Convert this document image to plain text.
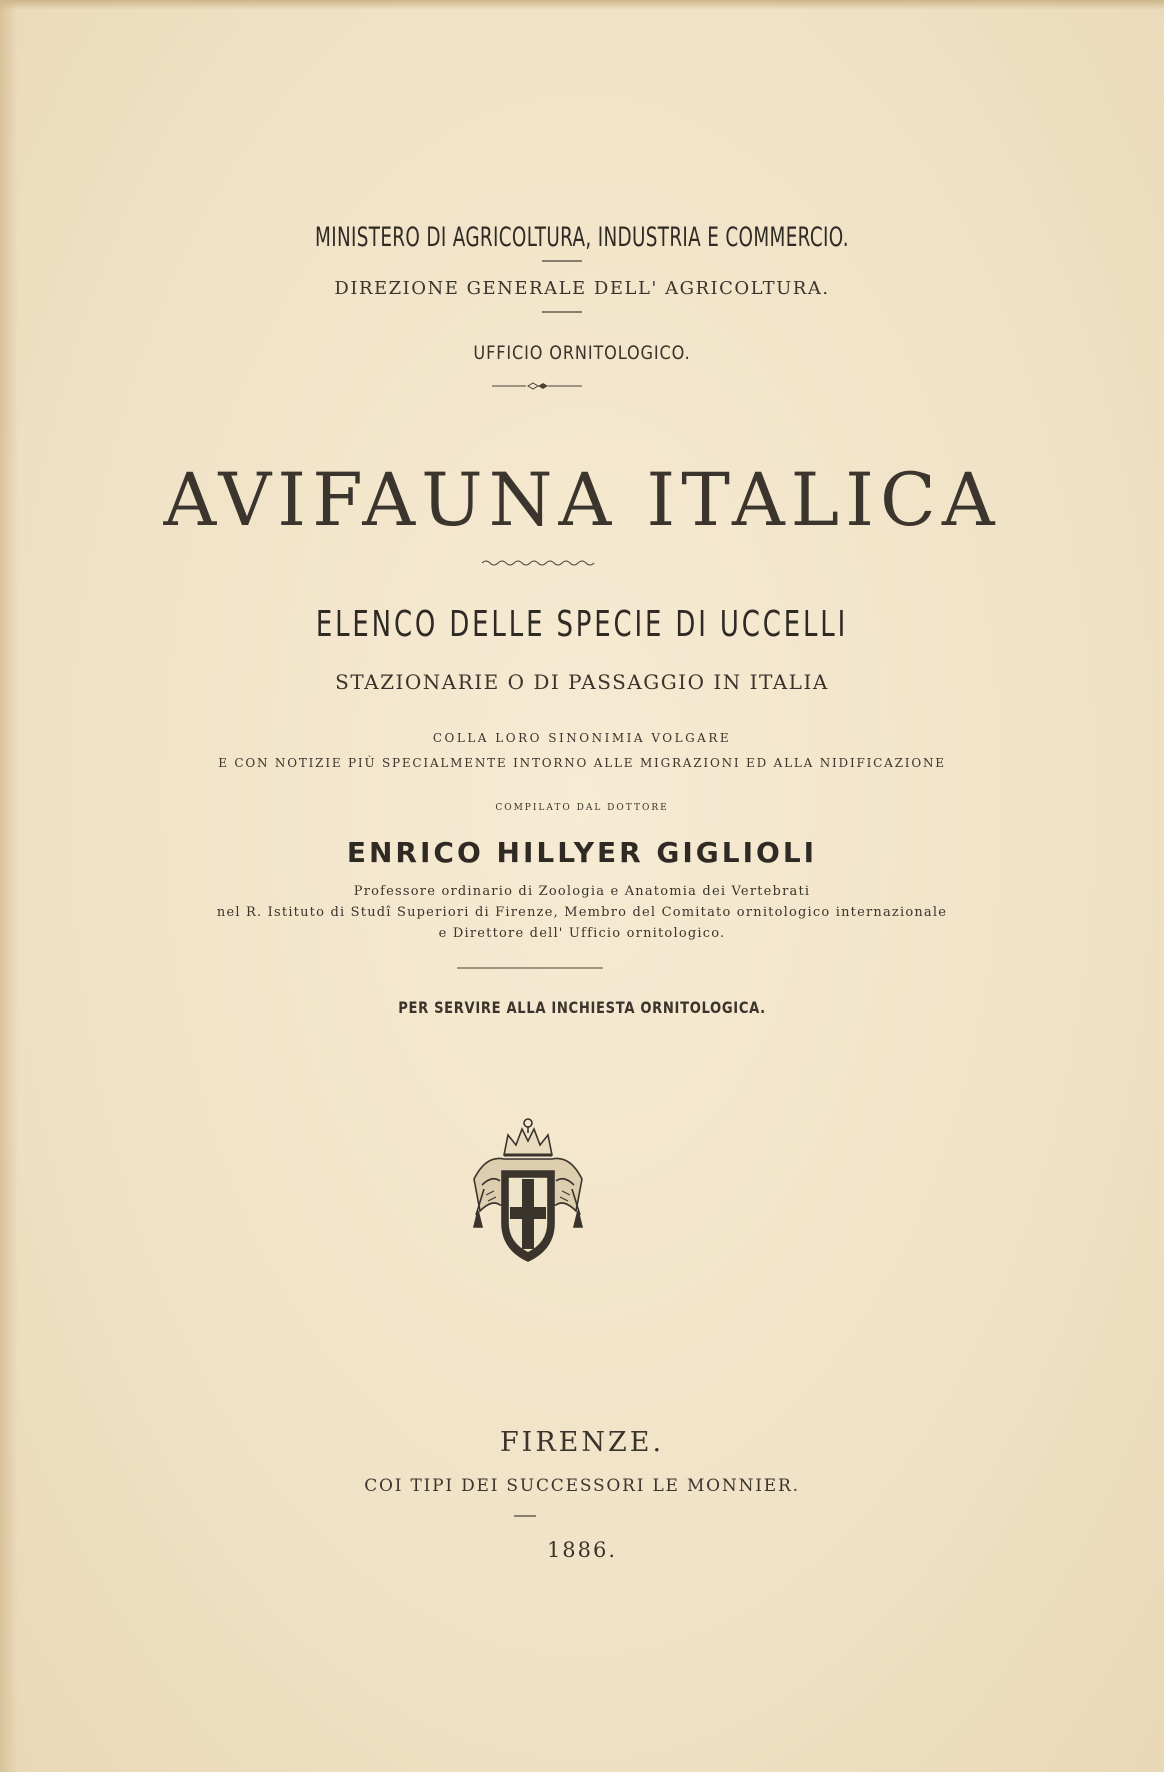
MINISTERO DI AGRICOLTURA, INDUSTRIA E COMMERCIO.
DIREZIONE GENERALE DELL' AGRICOLTURA.
UFFICIO ORNITOLOGICO.
AVIFAUNA ITALICA
ELENCO DELLE SPECIE DI UCCELLI
STAZIONARIE O DI PASSAGGIO IN ITALIA
COLLA LORO SINONIMIA VOLGARE
E CON NOTIZIE PIÙ SPECIALMENTE INTORNO ALLE MIGRAZIONI ED ALLA NIDIFICAZIONE
COMPILATO DAL DOTTORE
ENRICO HILLYER GIGLIOLI
Professore ordinario di Zoologia e Anatomia dei Vertebrati
nel R. Istituto di Studî Superiori di Firenze, Membro del Comitato ornitologico internazionale
e Direttore dell' Ufficio ornitologico.
PER SERVIRE ALLA INCHIESTA ORNITOLOGICA.
FIRENZE.
COI TIPI DEI SUCCESSORI LE MONNIER.
1886.
